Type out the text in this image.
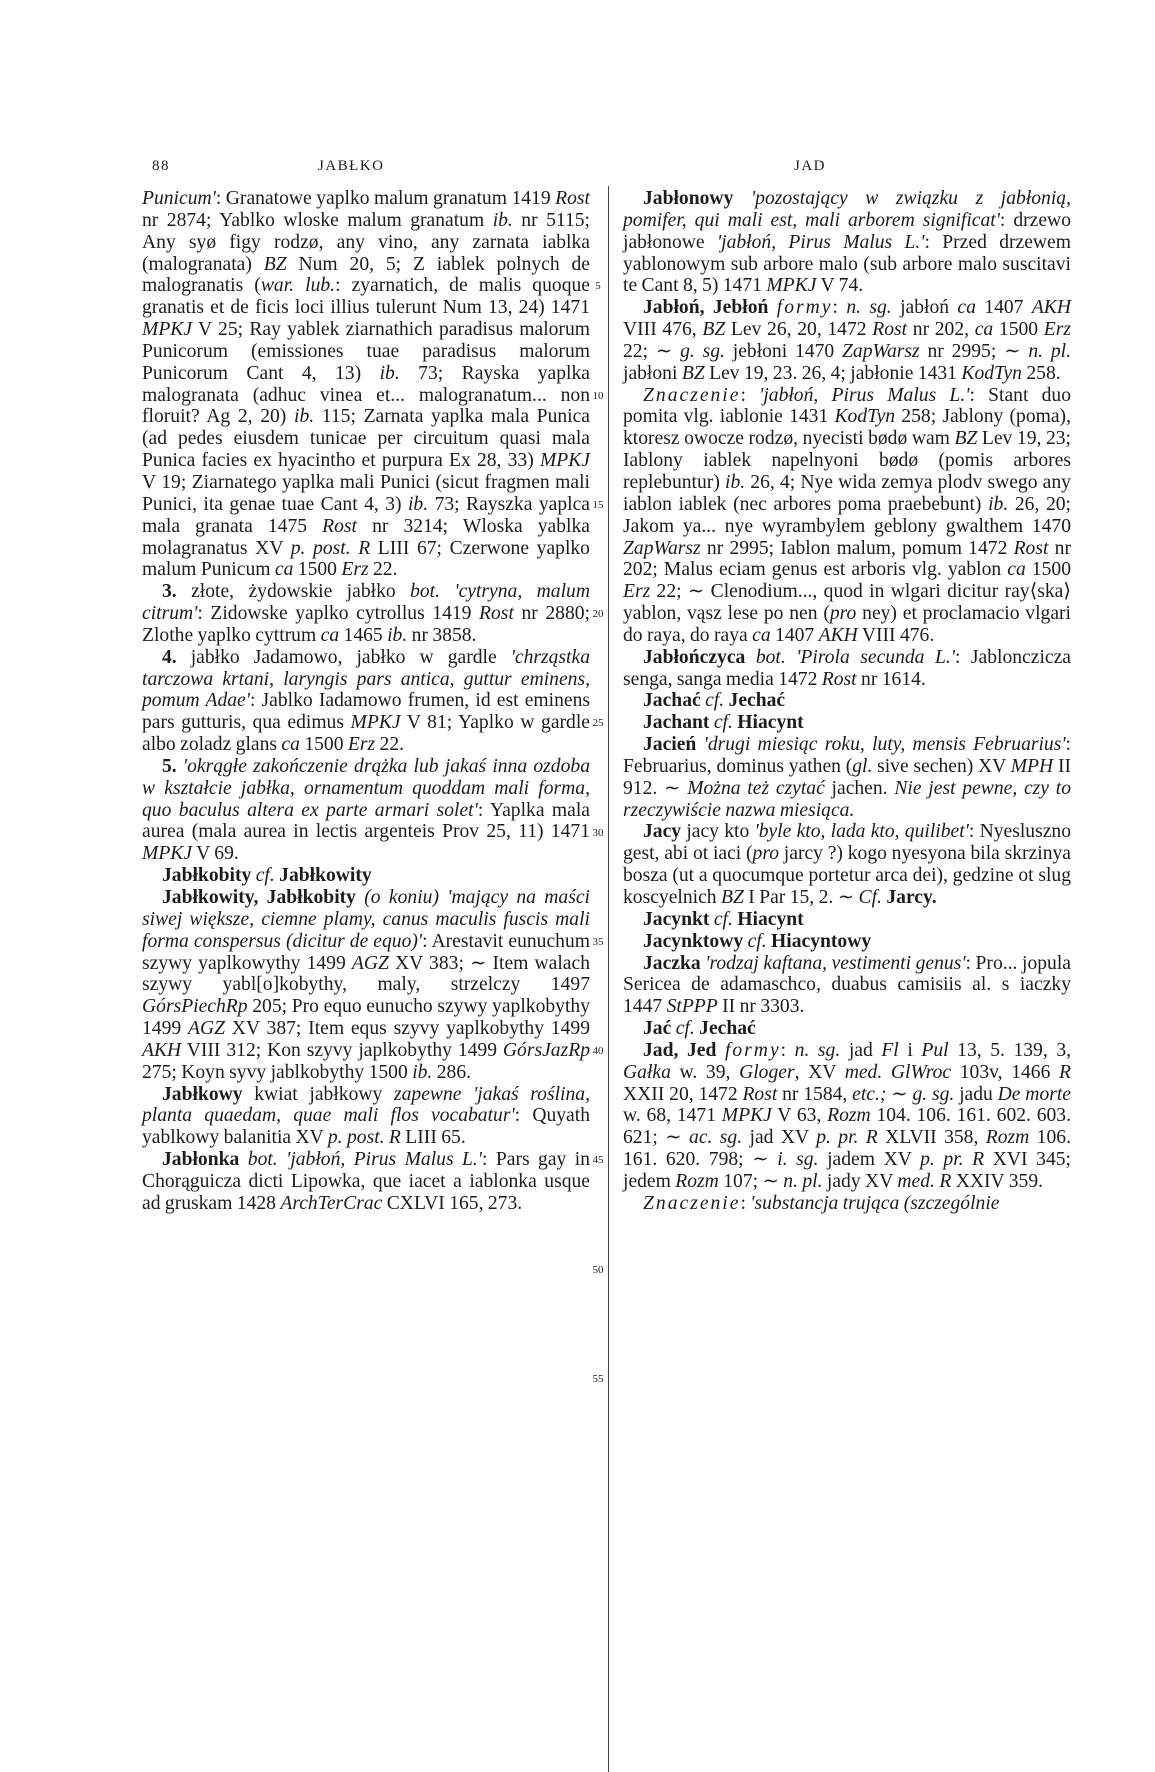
88	JABŁKO	JAD

Punicum': Granatowe yaplko malum granatum 1419 Rost nr 2874; Yablko wloske malum granatum ib. nr 5115; Any syø figy rodzø, any vino, any zarnata iablka (malogranata) BZ Num 20, 5; Z iablek polnych de malogranatis (war. lub.: zyarnatich, de malis quoque granatis et de ficis loci illius tulerunt Num 13, 24) 1471 MPKJ V 25; Ray yablek ziarnathich paradisus malorum Punicorum (emissiones tuae paradisus malorum Punicorum Cant 4, 13) ib. 73; Rayska yaplka malogranata (adhuc vinea et... malogranatum... non floruit? Ag 2, 20) ib. 115; Zarnata yaplka mala Punica (ad pedes eiusdem tunicae per circuitum quasi mala Punica facies ex hyacintho et purpura Ex 28, 33) MPKJ V 19; Ziarnatego yaplka mali Punici (sicut fragmen mali Punici, ita genae tuae Cant 4, 3) ib. 73; Rayszka yaplca mala granata 1475 Rost nr 3214; Wloska yablka molagranatus XV p. post. R LIII 67; Czerwone yaplko malum Punicum ca 1500 Erz 22.

3. złote, żydowskie jabłko bot. 'cytryna, malum citrum': Zidowske yaplko cytrollus 1419 Rost nr 2880; Zlothe yaplko cyttrum ca 1465 ib. nr 3858.

4. jabłko Jadamowo, jabłko w gardle 'chrząstka tarczowa krtani, laryngis pars antica, guttur eminens, pomum Adae': Jablko Iadamowo frumen, id est eminens pars gutturis, qua edimus MPKJ V 81; Yaplko w gardle albo zoladz glans ca 1500 Erz 22.

5. 'okrągłe zakończenie drążka lub jakaś inna ozdoba w kształcie jabłka, ornamentum quoddam mali forma, quo baculus altera ex parte armari solet': Yaplka mala aurea (mala aurea in lectis argenteis Prov 25, 11) 1471 MPKJ V 69.

Jabłkobity cf. Jabłkowity

Jabłkowity, Jabłkobity (o koniu) 'mający na maści siwej większe, ciemne plamy, canus maculis fuscis mali forma conspersus (dicitur de equo)': Arestavit eunuchum szywy yaplkowythy 1499 AGZ XV 383; ∼ Item walach szywy yabl[o]kobythy, maly, strzelczy 1497 GórsPiechRp 205; Pro equo eunucho szywy yaplkobythy 1499 AGZ XV 387; Item equs szyvy yaplkobythy 1499 AKH VIII 312; Kon szyvy japlkobythy 1499 GórsJazRp 275; Koyn syvy jablkobythy 1500 ib. 286.

Jabłkowy kwiat jabłkowy zapewne 'jakaś roślina, planta quaedam, quae mali flos vocabatur': Quyath yablkowy balanitia XV p. post. R LIII 65.

Jabłonka bot. 'jabłoń, Pirus Malus L.': Pars gay in Chorąguicza dicti Lipowka, que iacet a iablonka usque ad gruskam 1428 ArchTerCrac CXLVI 165, 273.

5
10
15
20
25
30
35
40
45
50
55

Jabłonowy 'pozostający w związku z jabłonią, pomifer, qui mali est, mali arborem significat': drzewo jabłonowe 'jabłoń, Pirus Malus L.': Przed drzewem yablonowym sub arbore malo (sub arbore malo suscitavi te Cant 8, 5) 1471 MPKJ V 74.

Jabłoń, Jebłoń formy: n. sg. jabłoń ca 1407 AKH VIII 476, BZ Lev 26, 20, 1472 Rost nr 202, ca 1500 Erz 22; ∼ g. sg. jebłoni 1470 ZapWarsz nr 2995; ∼ n. pl. jabłoni BZ Lev 19, 23. 26, 4; jabłonie 1431 KodTyn 258.

Znaczenie: 'jabłoń, Pirus Malus L.': Stant duo pomita vlg. iablonie 1431 KodTyn 258; Jablony (poma), ktoresz owocze rodzø, nyecisti bødø wam BZ Lev 19, 23; Iablony iablek napelnyoni bødø (pomis arbores replebuntur) ib. 26, 4; Nye wida zemya plodv swego any iablon iablek (nec arbores poma praebebunt) ib. 26, 20; Jakom ya... nye wyrambylem geblony gwalthem 1470 ZapWarsz nr 2995; Iablon malum, pomum 1472 Rost nr 202; Malus eciam genus est arboris vlg. yablon ca 1500 Erz 22; ∼ Clenodium..., quod in wlgari dicitur ray⟨ska⟩ yablon, vąsz lese po nen (pro ney) et proclamacio vlgari do raya, do raya ca 1407 AKH VIII 476.

Jabłończyca bot. 'Pirola secunda L.': Jablonczicza senga, sanga media 1472 Rost nr 1614.

Jachać cf. Jechać

Jachant cf. Hiacynt

Jacień 'drugi miesiąc roku, luty, mensis Februarius': Februarius, dominus yathen (gl. sive sechen) XV MPH II 912. ∼ Można też czytać jachen. Nie jest pewne, czy to rzeczywiście nazwa miesiąca.

Jacy jacy kto 'byle kto, lada kto, quilibet': Nyesluszno gest, abi ot iaci (pro jarcy ?) kogo nyesyona bila skrzinya bosza (ut a quocumque portetur arca dei), gedzine ot slug koscyelnich BZ I Par 15, 2. ∼ Cf. Jarcy.

Jacynkt cf. Hiacynt

Jacynktowy cf. Hiacyntowy

Jaczka 'rodzaj kaftana, vestimenti genus': Pro... jopula Sericea de adamaschco, duabus camisiis al. s iaczky 1447 StPPP II nr 3303.

Jać cf. Jechać

Jad, Jed formy: n. sg. jad Fl i Pul 13, 5. 139, 3, Gałka w. 39, Gloger, XV med. GlWroc 103v, 1466 R XXII 20, 1472 Rost nr 1584, etc.; ∼ g. sg. jadu De morte w. 68, 1471 MPKJ V 63, Rozm 104. 106. 161. 602. 603. 621; ∼ ac. sg. jad XV p. pr. R XLVII 358, Rozm 106. 161. 620. 798; ∼ i. sg. jadem XV p. pr. R XVI 345; jedem Rozm 107; ∼ n. pl. jady XV med. R XXIV 359.

Znaczenie: 'substancja trująca (szczególnie
